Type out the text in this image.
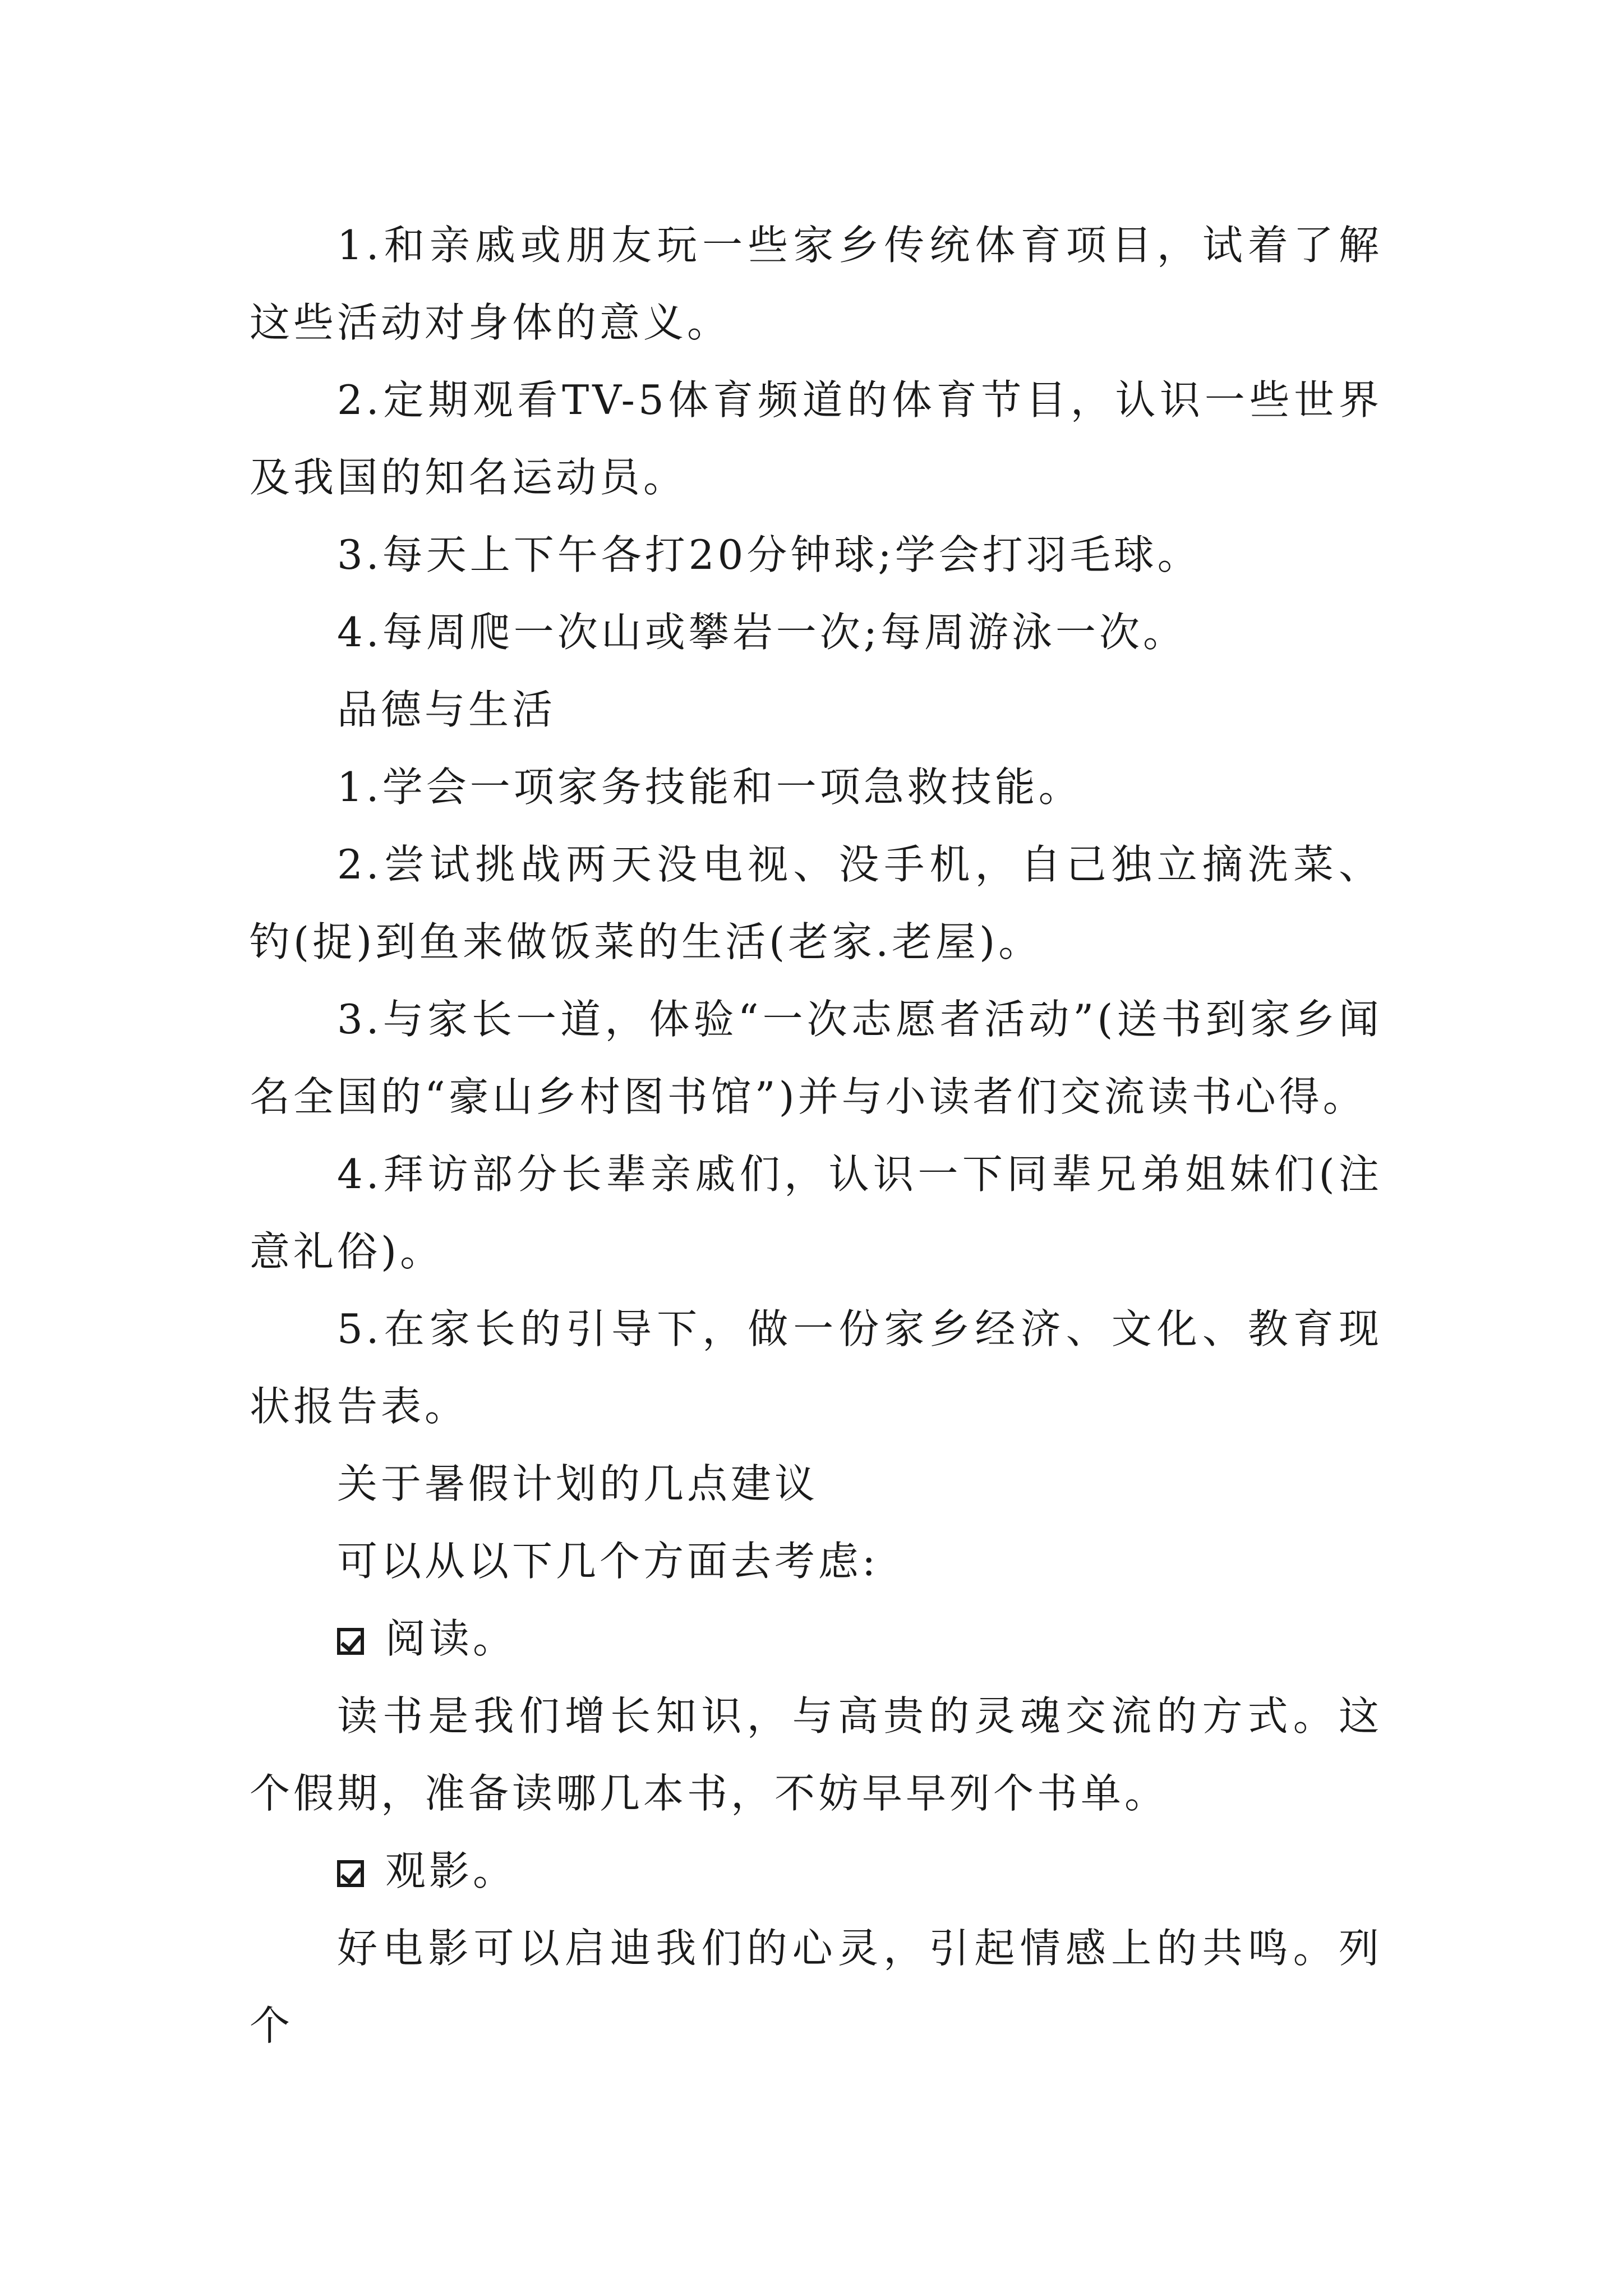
1.和亲戚或朋友玩一些家乡传统体育项目，试着了解这些活动对身体的意义。

2.定期观看TV-5体育频道的体育节目，认识一些世界及我国的知名运动员。

3.每天上下午各打20分钟球;学会打羽毛球。

4.每周爬一次山或攀岩一次;每周游泳一次。

品德与生活

1.学会一项家务技能和一项急救技能。

2.尝试挑战两天没电视、没手机，自己独立摘洗菜、钓(捉)到鱼来做饭菜的生活(老家.老屋)。

3.与家长一道，体验“一次志愿者活动”(送书到家乡闻名全国的“豪山乡村图书馆”)并与小读者们交流读书心得。

4.拜访部分长辈亲戚们，认识一下同辈兄弟姐妹们(注意礼俗)。

5.在家长的引导下，做一份家乡经济、文化、教育现状报告表。

关于暑假计划的几点建议

可以从以下几个方面去考虑:

阅读。

读书是我们增长知识，与高贵的灵魂交流的方式。这个假期，准备读哪几本书，不妨早早列个书单。

观影。

好电影可以启迪我们的心灵，引起情感上的共鸣。列个
